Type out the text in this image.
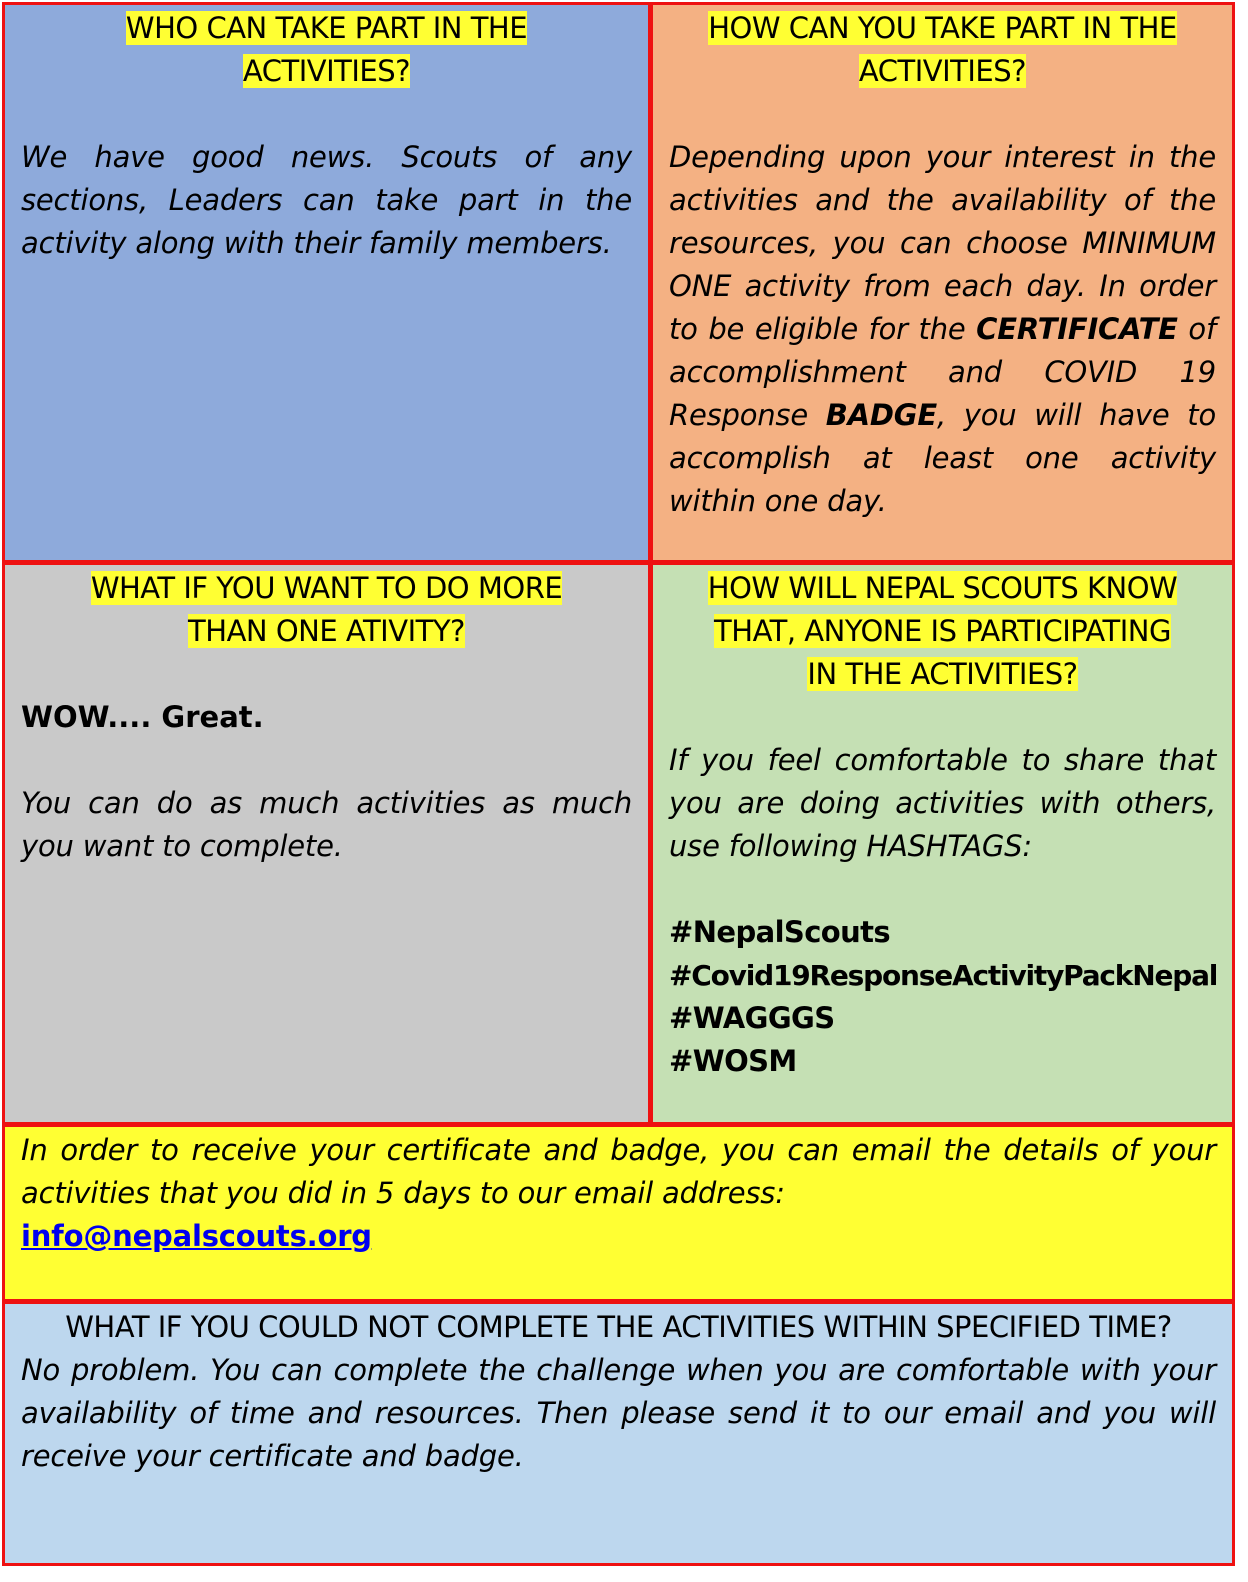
WHO CAN TAKE PART IN THE
ACTIVITIES?

We have good news. Scouts of any sections, Leaders can take part in the activity along with their family members.

HOW CAN YOU TAKE PART IN THE
ACTIVITIES?

Depending upon your interest in the activities and the availability of the resources, you can choose MINIMUM ONE activity from each day. In order to be eligible for the CERTIFICATE of accomplishment and COVID 19 Response BADGE, you will have to accomplish at least one activity within one day.

WHAT IF YOU WANT TO DO MORE
THAN ONE ATIVITY?

WOW.... Great.

You can do as much activities as much you want to complete.

HOW WILL NEPAL SCOUTS KNOW
THAT, ANYONE IS PARTICIPATING
IN THE ACTIVITIES?

If you feel comfortable to share that you are doing activities with others, use following HASHTAGS:

#NepalScouts
#Covid19ResponseActivityPackNepal
#WAGGGS
#WOSM

In order to receive your certificate and badge, you can email the details of your activities that you did in 5 days to our email address:

info@nepalscouts.org

WHAT IF YOU COULD NOT COMPLETE THE ACTIVITIES WITHIN SPECIFIED TIME?

No problem. You can complete the challenge when you are comfortable with your availability of time and resources. Then please send it to our email and you will receive your certificate and badge.
